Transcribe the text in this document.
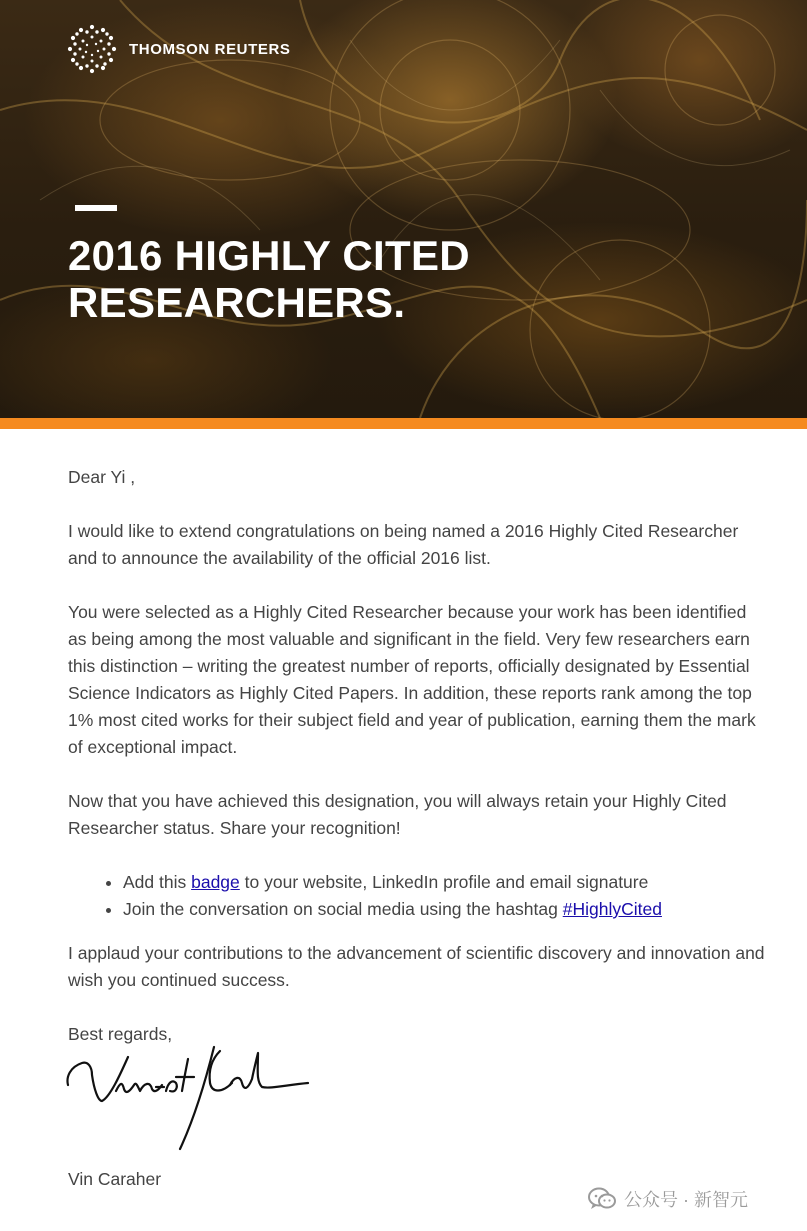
THOMSON REUTERS
2016 HIGHLY CITED
RESEARCHERS.

Dear Yi ,

I would like to extend congratulations on being named a 2016 Highly Cited Researcher and to announce the availability of the official 2016 list.

You were selected as a Highly Cited Researcher because your work has been identified as being among the most valuable and significant in the field. Very few researchers earn this distinction – writing the greatest number of reports, officially designated by Essential Science Indicators as Highly Cited Papers. In addition, these reports rank among the top 1% most cited works for their subject field and year of publication, earning them the mark of exceptional impact.

Now that you have achieved this designation, you will always retain your Highly Cited Researcher status. Share your recognition!

• Add this badge to your website, LinkedIn profile and email signature
• Join the conversation on social media using the hashtag #HighlyCited

I applaud your contributions to the advancement of scientific discovery and innovation and wish you continued success.

Best regards,

Vin Caraher

公众号 · 新智元
